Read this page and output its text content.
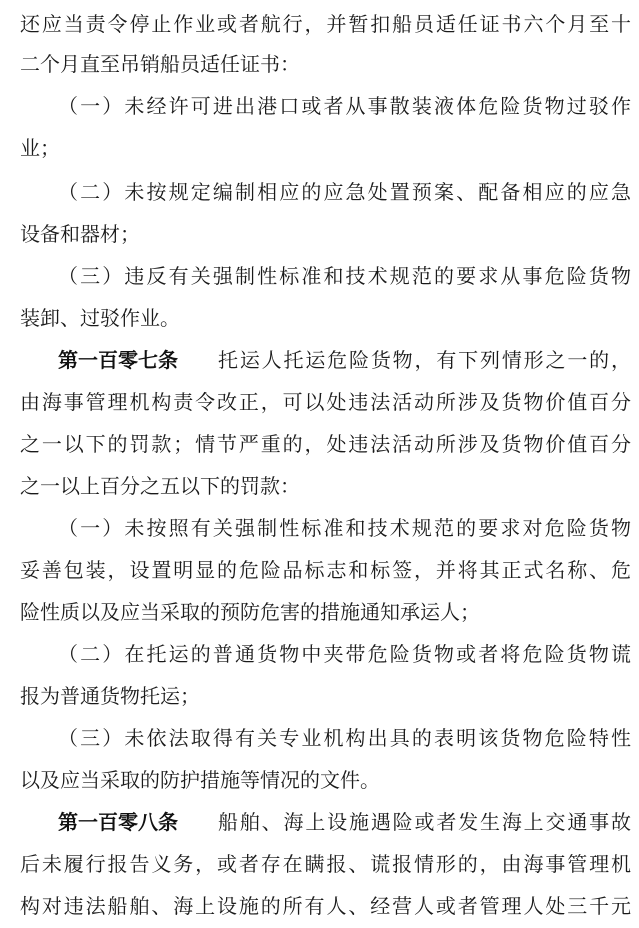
还应当责令停止作业或者航行，并暂扣船员适任证书六个月至十
二个月直至吊销船员适任证书：
（一）未经许可进出港口或者从事散装液体危险货物过驳作
业；
（二）未按规定编制相应的应急处置预案、配备相应的应急
设备和器材；
（三）违反有关强制性标准和技术规范的要求从事危险货物
装卸、过驳作业。
第一百零七条 托运人托运危险货物，有下列情形之一的，
由海事管理机构责令改正，可以处违法活动所涉及货物价值百分
之一以下的罚款；情节严重的，处违法活动所涉及货物价值百分
之一以上百分之五以下的罚款：
（一）未按照有关强制性标准和技术规范的要求对危险货物
妥善包装，设置明显的危险品标志和标签，并将其正式名称、危
险性质以及应当采取的预防危害的措施通知承运人；
（二）在托运的普通货物中夹带危险货物或者将危险货物谎
报为普通货物托运；
（三）未依法取得有关专业机构出具的表明该货物危险特性
以及应当采取的防护措施等情况的文件。
第一百零八条 船舶、海上设施遇险或者发生海上交通事故
后未履行报告义务，或者存在瞒报、谎报情形的，由海事管理机
构对违法船舶、海上设施的所有人、经营人或者管理人处三千元
